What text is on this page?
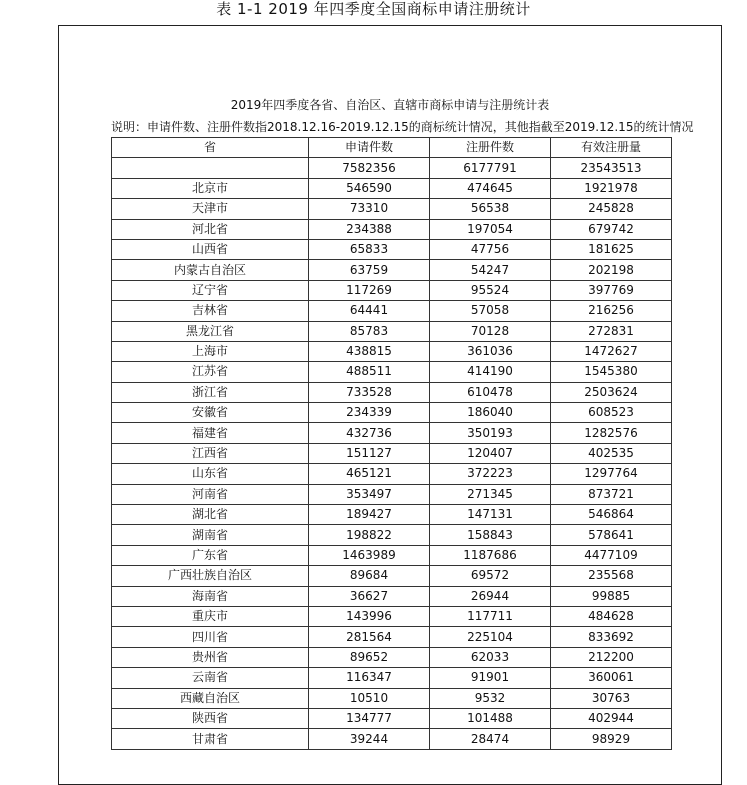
表 1-1 2019 年四季度全国商标申请注册统计
2019年四季度各省、自治区、直辖市商标申请与注册统计表
说明：申请件数、注册件数指2018.12.16-2019.12.15的商标统计情况，其他指截至2019.12.15的统计情况
省	申请件数	注册件数	有效注册量
	7582356	6177791	23543513
北京市	546590	474645	1921978
天津市	73310	56538	245828
河北省	234388	197054	679742
山西省	65833	47756	181625
内蒙古自治区	63759	54247	202198
辽宁省	117269	95524	397769
吉林省	64441	57058	216256
黑龙江省	85783	70128	272831
上海市	438815	361036	1472627
江苏省	488511	414190	1545380
浙江省	733528	610478	2503624
安徽省	234339	186040	608523
福建省	432736	350193	1282576
江西省	151127	120407	402535
山东省	465121	372223	1297764
河南省	353497	271345	873721
湖北省	189427	147131	546864
湖南省	198822	158843	578641
广东省	1463989	1187686	4477109
广西壮族自治区	89684	69572	235568
海南省	36627	26944	99885
重庆市	143996	117711	484628
四川省	281564	225104	833692
贵州省	89652	62033	212200
云南省	116347	91901	360061
西藏自治区	10510	9532	30763
陕西省	134777	101488	402944
甘肃省	39244	28474	98929
